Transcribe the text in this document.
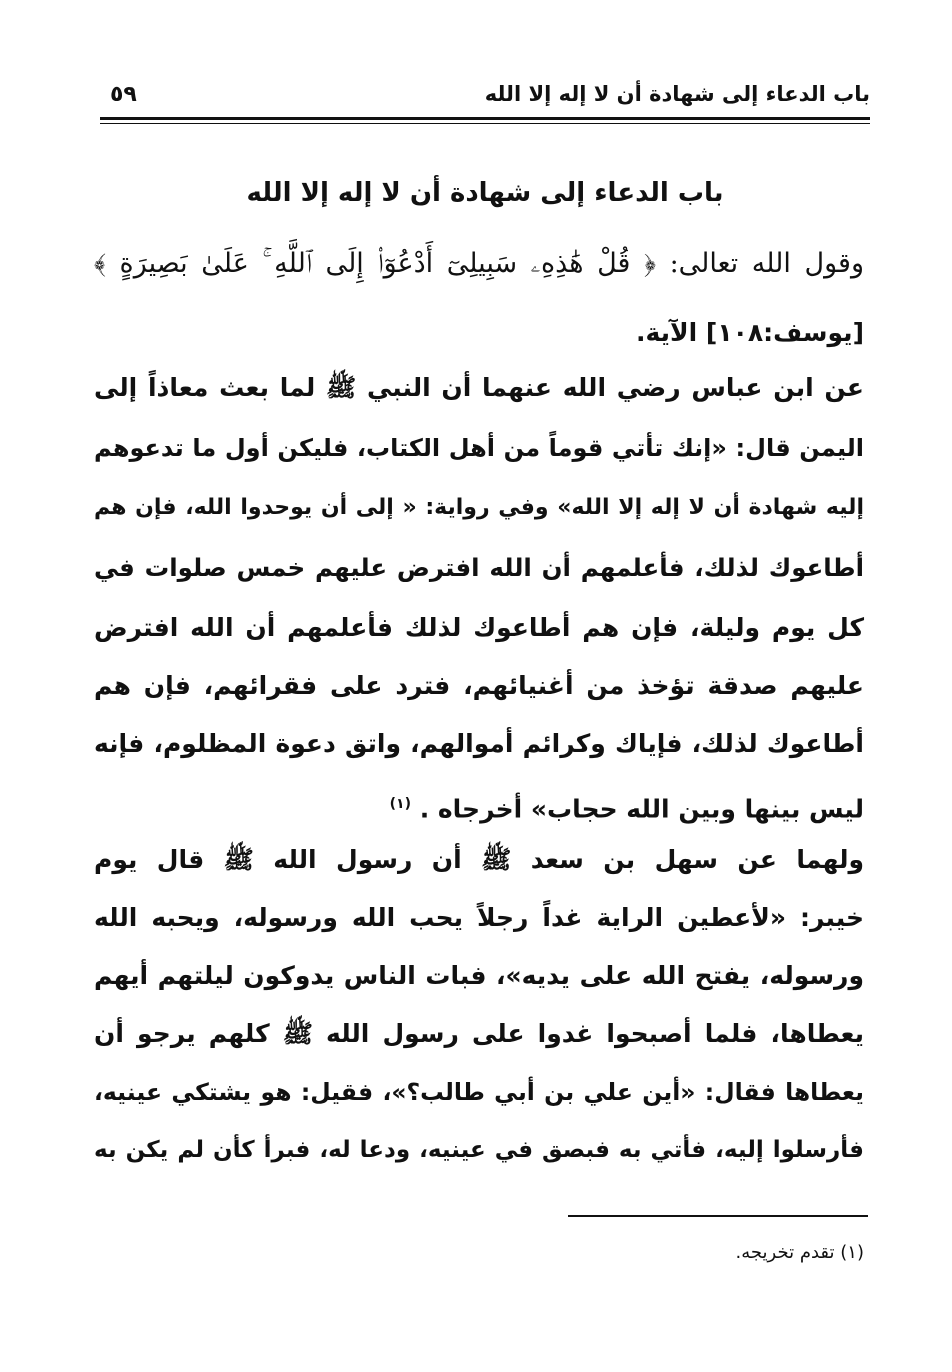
باب الدعاء إلى شهادة أن لا إله إلا الله
٥٩
باب الدعاء إلى شهادة أن لا إله إلا الله
وقول الله تعالى: ﴿ قُلْ هَٰذِهِۦ سَبِيلِىٓ أَدْعُوٓا۟ إِلَى ٱللَّهِ ۚ عَلَىٰ بَصِيرَةٍ ﴾
[يوسف:١٠٨] الآية.
عن ابن عباس رضي الله عنهما أن النبي ﷺ لما بعث معاذاً إلى
اليمن قال: «إنك تأتي قوماً من أهل الكتاب، فليكن أول ما تدعوهم
إليه شهادة أن لا إله إلا الله» وفي رواية: « إلى أن يوحدوا الله، فإن هم
أطاعوك لذلك، فأعلمهم أن الله افترض عليهم خمس صلوات في
كل يوم وليلة، فإن هم أطاعوك لذلك فأعلمهم أن الله افترض
عليهم صدقة تؤخذ من أغنيائهم، فترد على فقرائهم، فإن هم
أطاعوك لذلك، فإياك وكرائم أموالهم، واتق دعوة المظلوم، فإنه
ليس بينها وبين الله حجاب» أخرجاه . $^{(١)}$
ولهما عن سهل بن سعد ﷺ أن رسول الله ﷺ قال يوم
خيبر: «لأعطين الراية غداً رجلاً يحب الله ورسوله، ويحبه الله
ورسوله، يفتح الله على يديه»، فبات الناس يدوكون ليلتهم أيهم
يعطاها، فلما أصبحوا غدوا على رسول الله ﷺ كلهم يرجو أن
يعطاها فقال: «أين علي بن أبي طالب؟»، فقيل: هو يشتكي عينيه،
فأرسلوا إليه، فأتي به فبصق في عينيه، ودعا له، فبرأ كأن لم يكن به
(١) تقدم تخريجه.
